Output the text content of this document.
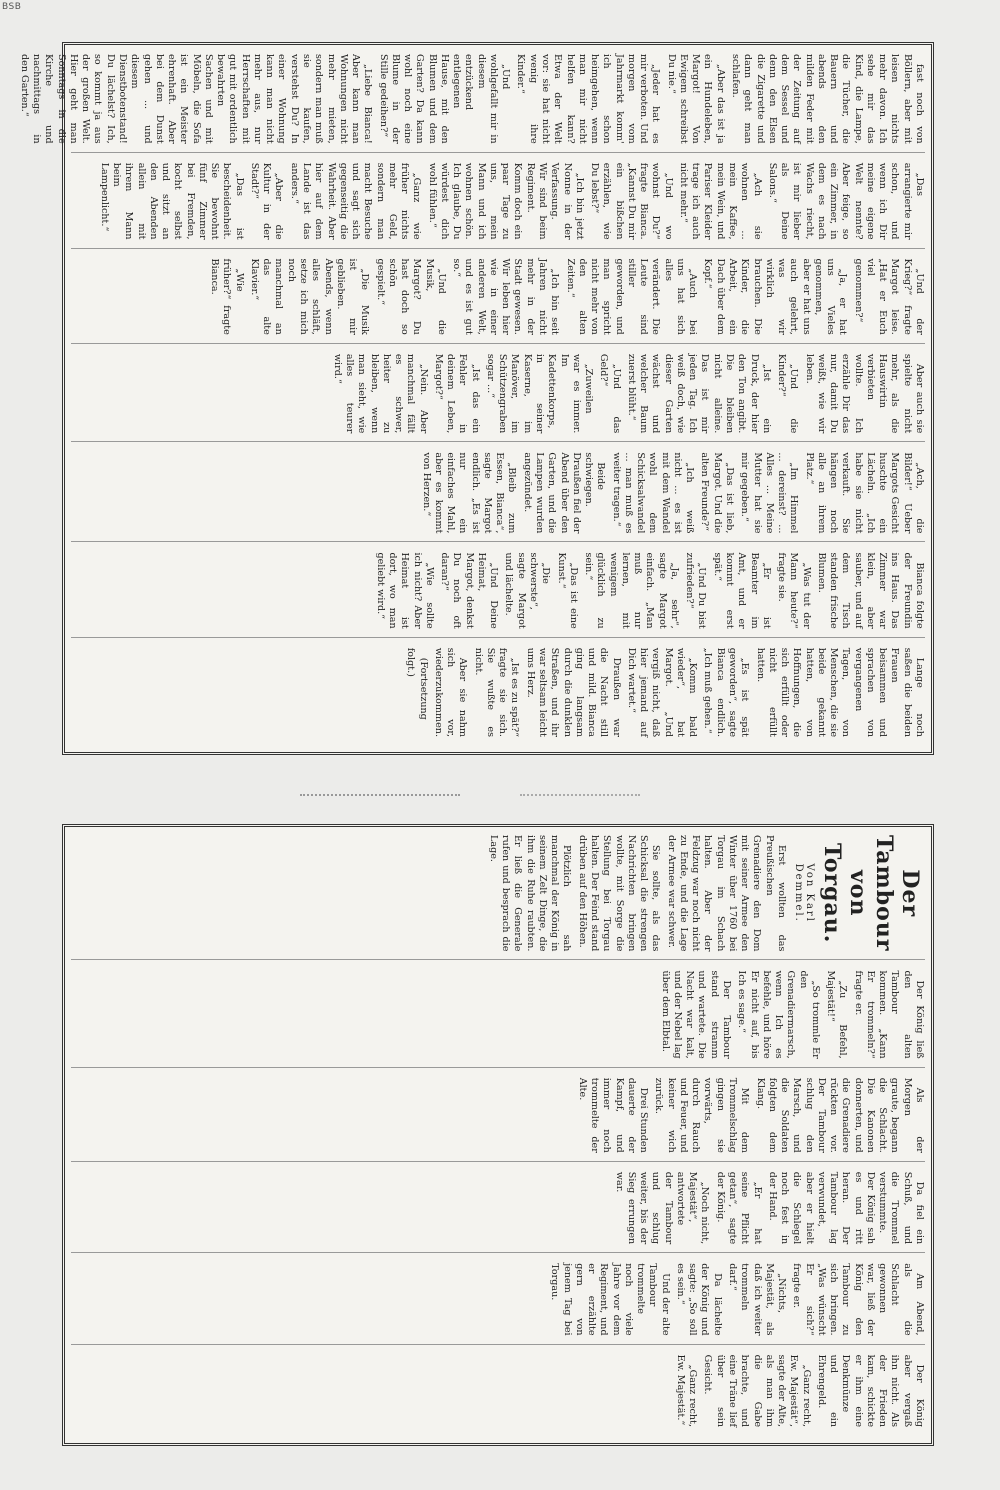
BSB

fast noch von Böllern, aber mit leisen nichts mehr davon. Ich sehe mir das Kind, die Lampe, die Tücher, die Bauern und abends den milden Feder mit der Zeitung auf dem Sessel und denn den Elsen die Zigarette und dann geht man schlafen.

„Aber das ist ja ein Hundeleben, Margot! Von Ewigem schreibst Du nie.“

„Jeder hat es mir verboten. Und morgen vom Jahrmarkt komm' ich schon heimgehen, wenn man mir nicht helfen kann? Etwa der Welt vor: sie hat nicht wenig ihre Kinder.“

„Und wohlgefallt mir in diesem entzückend entlegenen Hause, mit den Blumen und dem Garten? Da kann wohl noch eine Blume in der Stille gedeihen?“

„Liebe Bianca! Aber kann man Wohnungen nicht mehr mieten, sondern man muß sie kaufen, verstehst Du? In einer Wohnung kann man nicht mehr aus, nur Herrschaften mit gut mit ordentlich bewahrten Sachen und mit Möbeln, die Sofa ist ein Meister ehrenhaft. Aber bei dem Dunst gehen ... und diesem Dienstbotenstand! Du lächelst? Ich, so kommt ja aus der großen Welt. Hier geht man Sonntags in die Kirche und nachmittags in den Garten.“

„Das arrangierte mir schon, und wenn ich Dir meine eigene Welt nennte? Aber feige, so ein Zimmer, in dem es nach Wachs riecht, ist mir lieber als Deine Salons.“

„Ach sie wohnen ... mein Kaffee, mein Wein, und Pariser Kleider trage ich auch nicht mehr.“

„Und wo wohnst Du?“ fragte Bianca. „Kannst Du mir ein bißchen erzählen, wie Du lebst?“

„Ich bin jetzt Nonne in der Verfassung. Wir sind beim Regiment. Komm doch ein paar Tage zu uns, mein Mann und ich wohnen schön. Ich glaube, Du würdest dich wohl fühlen.“

„Ganz wie früher nichts mehr Geld, sondern man macht Besuche und sagt sich gegenseitig die Wahrheit. Aber hier auf dem Lande ist das anders.“

„Aber die Kultur in der Stadt?“

„Das ist bescheidenheit. Sie bewohnt fünf Zimmer bei Fremden, kocht selbst und sitzt an den Abenden allein mit ihrem Mann beim Lampenlicht.“

„Und der Krieg?“ fragte Margot leise. „Hat er Euch viel genommen?“

„Ja, er hat uns Vieles genommen, aber er hat uns auch gelehrt, was wir wirklich brauchen. Die Kinder, die Arbeit, ein Dach über dem Kopf.“

„Auch bei uns hat sich alles verändert. Die Leute sind stiller geworden, und man spricht nicht mehr von den alten Zeiten.“

„Ich bin seit Jahren nicht mehr in der Stadt gewesen. Wir leben hier wie in einer anderen Welt, und es ist gut so.“

„Und die Musik, Margot? Du hast doch so schön gespielt.“

„Die Musik ist mir geblieben. Abends, wenn alles schläft, setze ich mich noch manchmal an das alte Klavier.“

„Wie früher?“ fragte Bianca.

Aber auch sie spielte nicht mehr, als die Hauswirtin verbieten wollte. Ich erzähle Dir das nur, damit Du weißt, wie wir leben.

„Und die Kinder?“

„Ist ein Druck, der hier den Ton angibt. Die bleiben nicht alleine. Das ist mir jeden Tag. Ich weiß doch, wie dieser Garten wächst und welcher Baum zuerst blüht.“

„Und das Geld?“

„Zuweilen war es immer. Im Kadettenkorps, in seiner Kaserne, im Manöver, im Schützengraben sogar ...“

„Ist das ein Fehler in deinem Leben, Margot?“

„Nein. Aber manchmal fällt es schwer, heiter zu bleiben, wenn man sieht, wie alles teurer wird.“

„Ach, die Bilder!“ Ueber Margots Gesicht huschte ein Lächeln. „Ich habe sie nicht verkauft. Sie hängen noch alle an ihrem Platz.“

„Im Himmel ... dereinst? ... Alles ... Meine Mutter hat sie mir gegeben.“

„Das ist lieb, Margot. Und die alten Freunde?“

„Ich weiß nicht ... es ist mit dem Wandel wohl dem Schicksalwandel ... man muß es weiter tragen.“

Beide schwiegen. Draußen fiel der Abend über den Garten, und die Lampen wurden angezündet.

„Bleib zum Essen, Bianca“, sagte Margot endlich. „Es ist nur ein einfaches Mahl, aber es kommt von Herzen.“

Bianca folgte der Freundin ins Haus. Das Zimmer war klein, aber sauber, und auf dem Tisch standen frische Blumen.

„Was tut der Mann heute?“ fragte sie.

„Er ist Beamter im Amt, und er kommt erst spät.“

„Und Du bist zufrieden?“

„Ja, sehr“, sagte Margot einfach. „Man muß nur lernen, mit wenigem glücklich zu sein.“

„Das ist eine Kunst.“

„Die schwerste“, sagte Margot und lächelte.

„Und Deine Heimat, Margot, denkst Du noch oft daran?“

„Wie sollte ich nicht? Aber Heimat ist dort, wo man geliebt wird.“

Lange noch saßen die beiden Frauen beisammen und sprachen von vergangenen Tagen, von Menschen, die sie beide gekannt hatten, von Hoffnungen, die sich erfüllt oder nicht erfüllt hatten.

„Es ist spät geworden“, sagte Bianca endlich. „Ich muß gehen.“

„Komm bald wieder“, bat Margot. „Und vergiß nicht, daß hier jemand auf Dich wartet.“

Draußen war die Nacht still und mild. Bianca ging langsam durch die dunklen Straßen, und ihr war seltsam leicht ums Herz.

„Ist es zu spät?“ fragte sie sich. Sie wußte es nicht.

Aber sie nahm sich vor, wiederzukommen.

(Fortsetzung folgt.)

Der Tambour von Torgau.
Von Karl Demmel.

Erst wollten das Preußischen Grenadiere den Dom mit seiner Armee den Winter über 1760 bei Torgau im Schach halten. Aber der Feldzug war noch nicht zu Ende, und die Lage der Armee war schwer.

Sie sollte, als das Schicksal die strengen Nachrichten bringen wollte, mit Sorge die Stellung bei Torgau halten. Der Feind stand drüben auf den Höhen.

Plötzlich sah manchmal der König in seinem Zelt Dinge, die ihm die Ruhe raubten. Er ließ die Generale rufen und besprach die Lage.

Der König ließ den alten Tambour kommen. „Kann Er trommeln?“ fragte er.

„Zu Befehl, Majestät!“

„So trommle Er den Grenadiermarsch, wenn Ich es befehle, und höre Er nicht auf, bis Ich es sage.“

Der Tambour stand stramm und wartete. Die Nacht war kalt, und der Nebel lag über dem Elbtal.

Als der Morgen graute, begann die Schlacht. Die Kanonen donnerten, und die Grenadiere rückten vor. Der Tambour schlug den Marsch, und die Soldaten folgten dem Klang.

Mit dem Trommelschlag gingen sie vorwärts, durch Rauch und Feuer, und keiner wich zurück.

Drei Stunden dauerte der Kampf, und immer noch trommelte der Alte.

Da fiel ein Schuß, und die Trommel verstummte. Der König sah es und ritt heran. Der Tambour lag verwundet, aber er hielt die Schlegel noch fest in der Hand.

„Er hat seine Pflicht getan“, sagte der König.

„Noch nicht, Majestät“, antwortete der Tambour und schlug weiter, bis der Sieg errungen war.

Am Abend, als die Schlacht gewonnen war, ließ der König den Tambour zu sich bringen. „Was wünscht Er sich?“ fragte er.

„Nichts, Majestät, als daß ich weiter trommeln darf.“

Da lächelte der König und sagte: „So soll es sein.“

Und der alte Tambour trommelte noch viele Jahre vor dem Regiment, und er erzählte gern von jenem Tag bei Torgau.

Der König aber vergaß ihn nicht. Als der Frieden kam, schickte er ihm eine Denkmünze und ein Ehrengeld.

„Ganz recht, Ew. Majestät“, sagte der Alte, als man ihm die Gabe brachte, und eine Träne lief über sein Gesicht.

„Ganz recht, Ew. Majestät.“
